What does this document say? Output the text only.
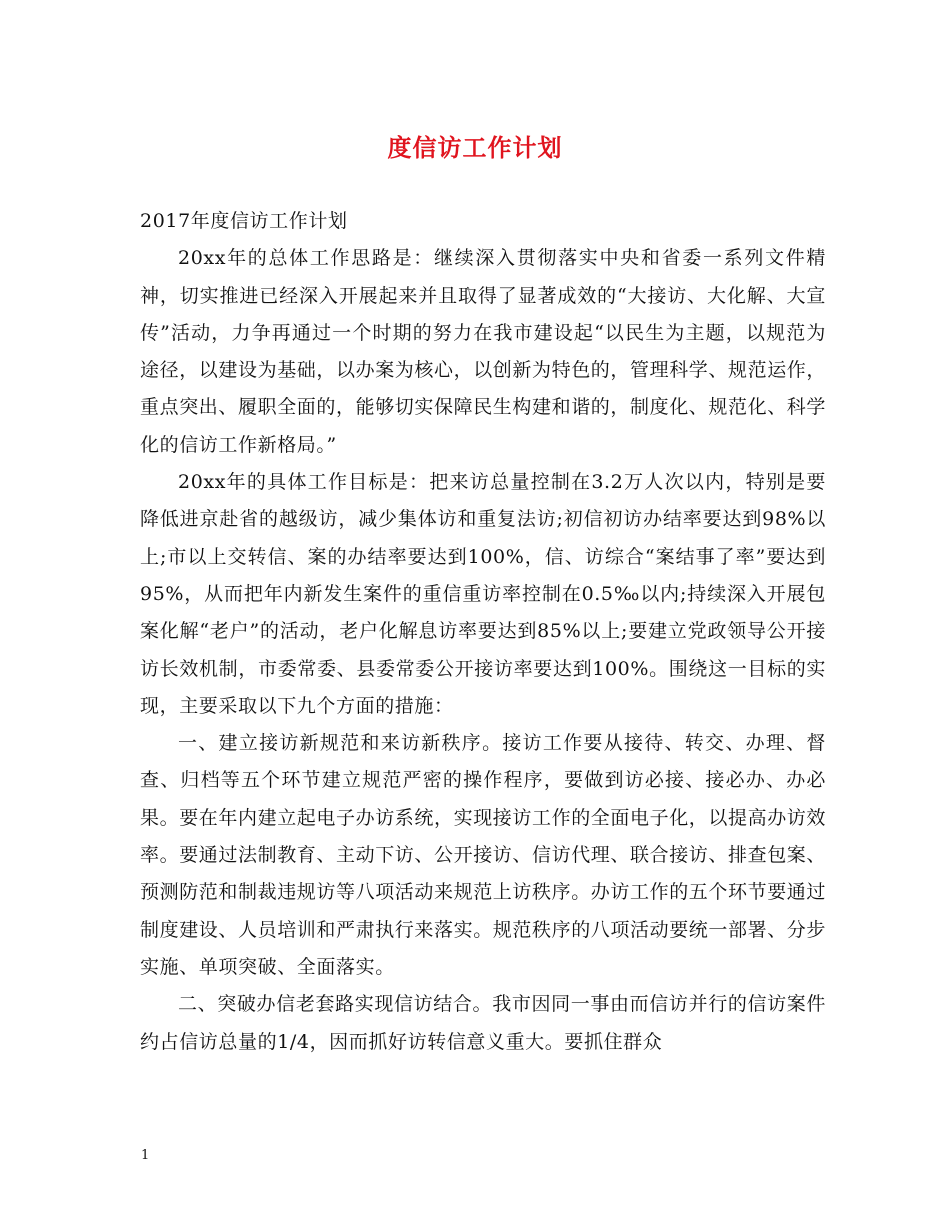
度信访工作计划

2017年度信访工作计划

20xx年的总体工作思路是：继续深入贯彻落实中央和省委一系列文件精神，切实推进已经深入开展起来并且取得了显著成效的“大接访、大化解、大宣传”活动，力争再通过一个时期的努力在我市建设起“以民生为主题，以规范为途径，以建设为基础，以办案为核心，以创新为特色的，管理科学、规范运作，重点突出、履职全面的，能够切实保障民生构建和谐的，制度化、规范化、科学化的信访工作新格局。”

20xx年的具体工作目标是：把来访总量控制在3.2万人次以内，特别是要降低进京赴省的越级访，减少集体访和重复法访;初信初访办结率要达到98%以上;市以上交转信、案的办结率要达到100%，信、访综合“案结事了率”要达到95%，从而把年内新发生案件的重信重访率控制在0.5‰以内;持续深入开展包案化解“老户”的活动，老户化解息访率要达到85%以上;要建立党政领导公开接访长效机制，市委常委、县委常委公开接访率要达到100%。围绕这一目标的实现，主要采取以下九个方面的措施：

一、建立接访新规范和来访新秩序。接访工作要从接待、转交、办理、督查、归档等五个环节建立规范严密的操作程序，要做到访必接、接必办、办必果。要在年内建立起电子办访系统，实现接访工作的全面电子化，以提高办访效率。要通过法制教育、主动下访、公开接访、信访代理、联合接访、排查包案、预测防范和制裁违规访等八项活动来规范上访秩序。办访工作的五个环节要通过制度建设、人员培训和严肃执行来落实。规范秩序的八项活动要统一部署、分步实施、单项突破、全面落实。

二、突破办信老套路实现信访结合。我市因同一事由而信访并行的信访案件约占信访总量的1/4，因而抓好访转信意义重大。要抓住群众

1
